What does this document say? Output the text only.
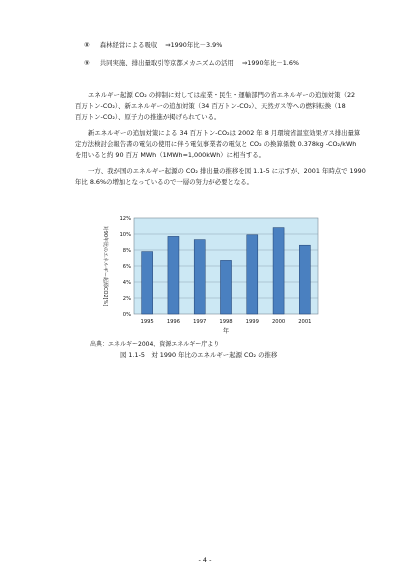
⑧ 森林経営による吸収 ⇒1990年比－3.9%
⑨ 共同実施、排出量取引等京都メカニズムの活用 ⇒1990年比－1.6%
エネルギー起源 CO₂ の抑制に対しては産業・民生・運輸部門の省エネルギーの追加対策（22
百万トン-CO₂）、新エネルギーの追加対策（34 百万トン-CO₂）、天然ガス等への燃料転換（18
百万トン-CO₂）、原子力の推進が掲げられている。
新エネルギーの追加対策による 34 百万トン-CO₂は 2002 年 8 月環境省温室効果ガス排出量算
定方法検討会報告書の電気の使用に伴う電気事業者の電気と CO₂ の換算係数 0.378kg -CO₂/kWh
を用いると約 90 百万 MWh（1MWh=1,000kWh）に相当する。
一方、我が国のエネルギー起源の CO₂ 排出量の推移を図 1.1-5 に示すが、2001 年時点で 1990
年比 8.6%の増加となっているので一層の努力が必要となる。
0%
2%
4%
6%
8%
10%
12%
1995	1996	1997	1998	1999	2000	2001
年
対90年比のエネルギー起源CO2[%]
出典：エネルギー2004、資源エネルギー庁より
図 1.1-5　対 1990 年比のエネルギー起源 CO₂ の推移
- 4 -
